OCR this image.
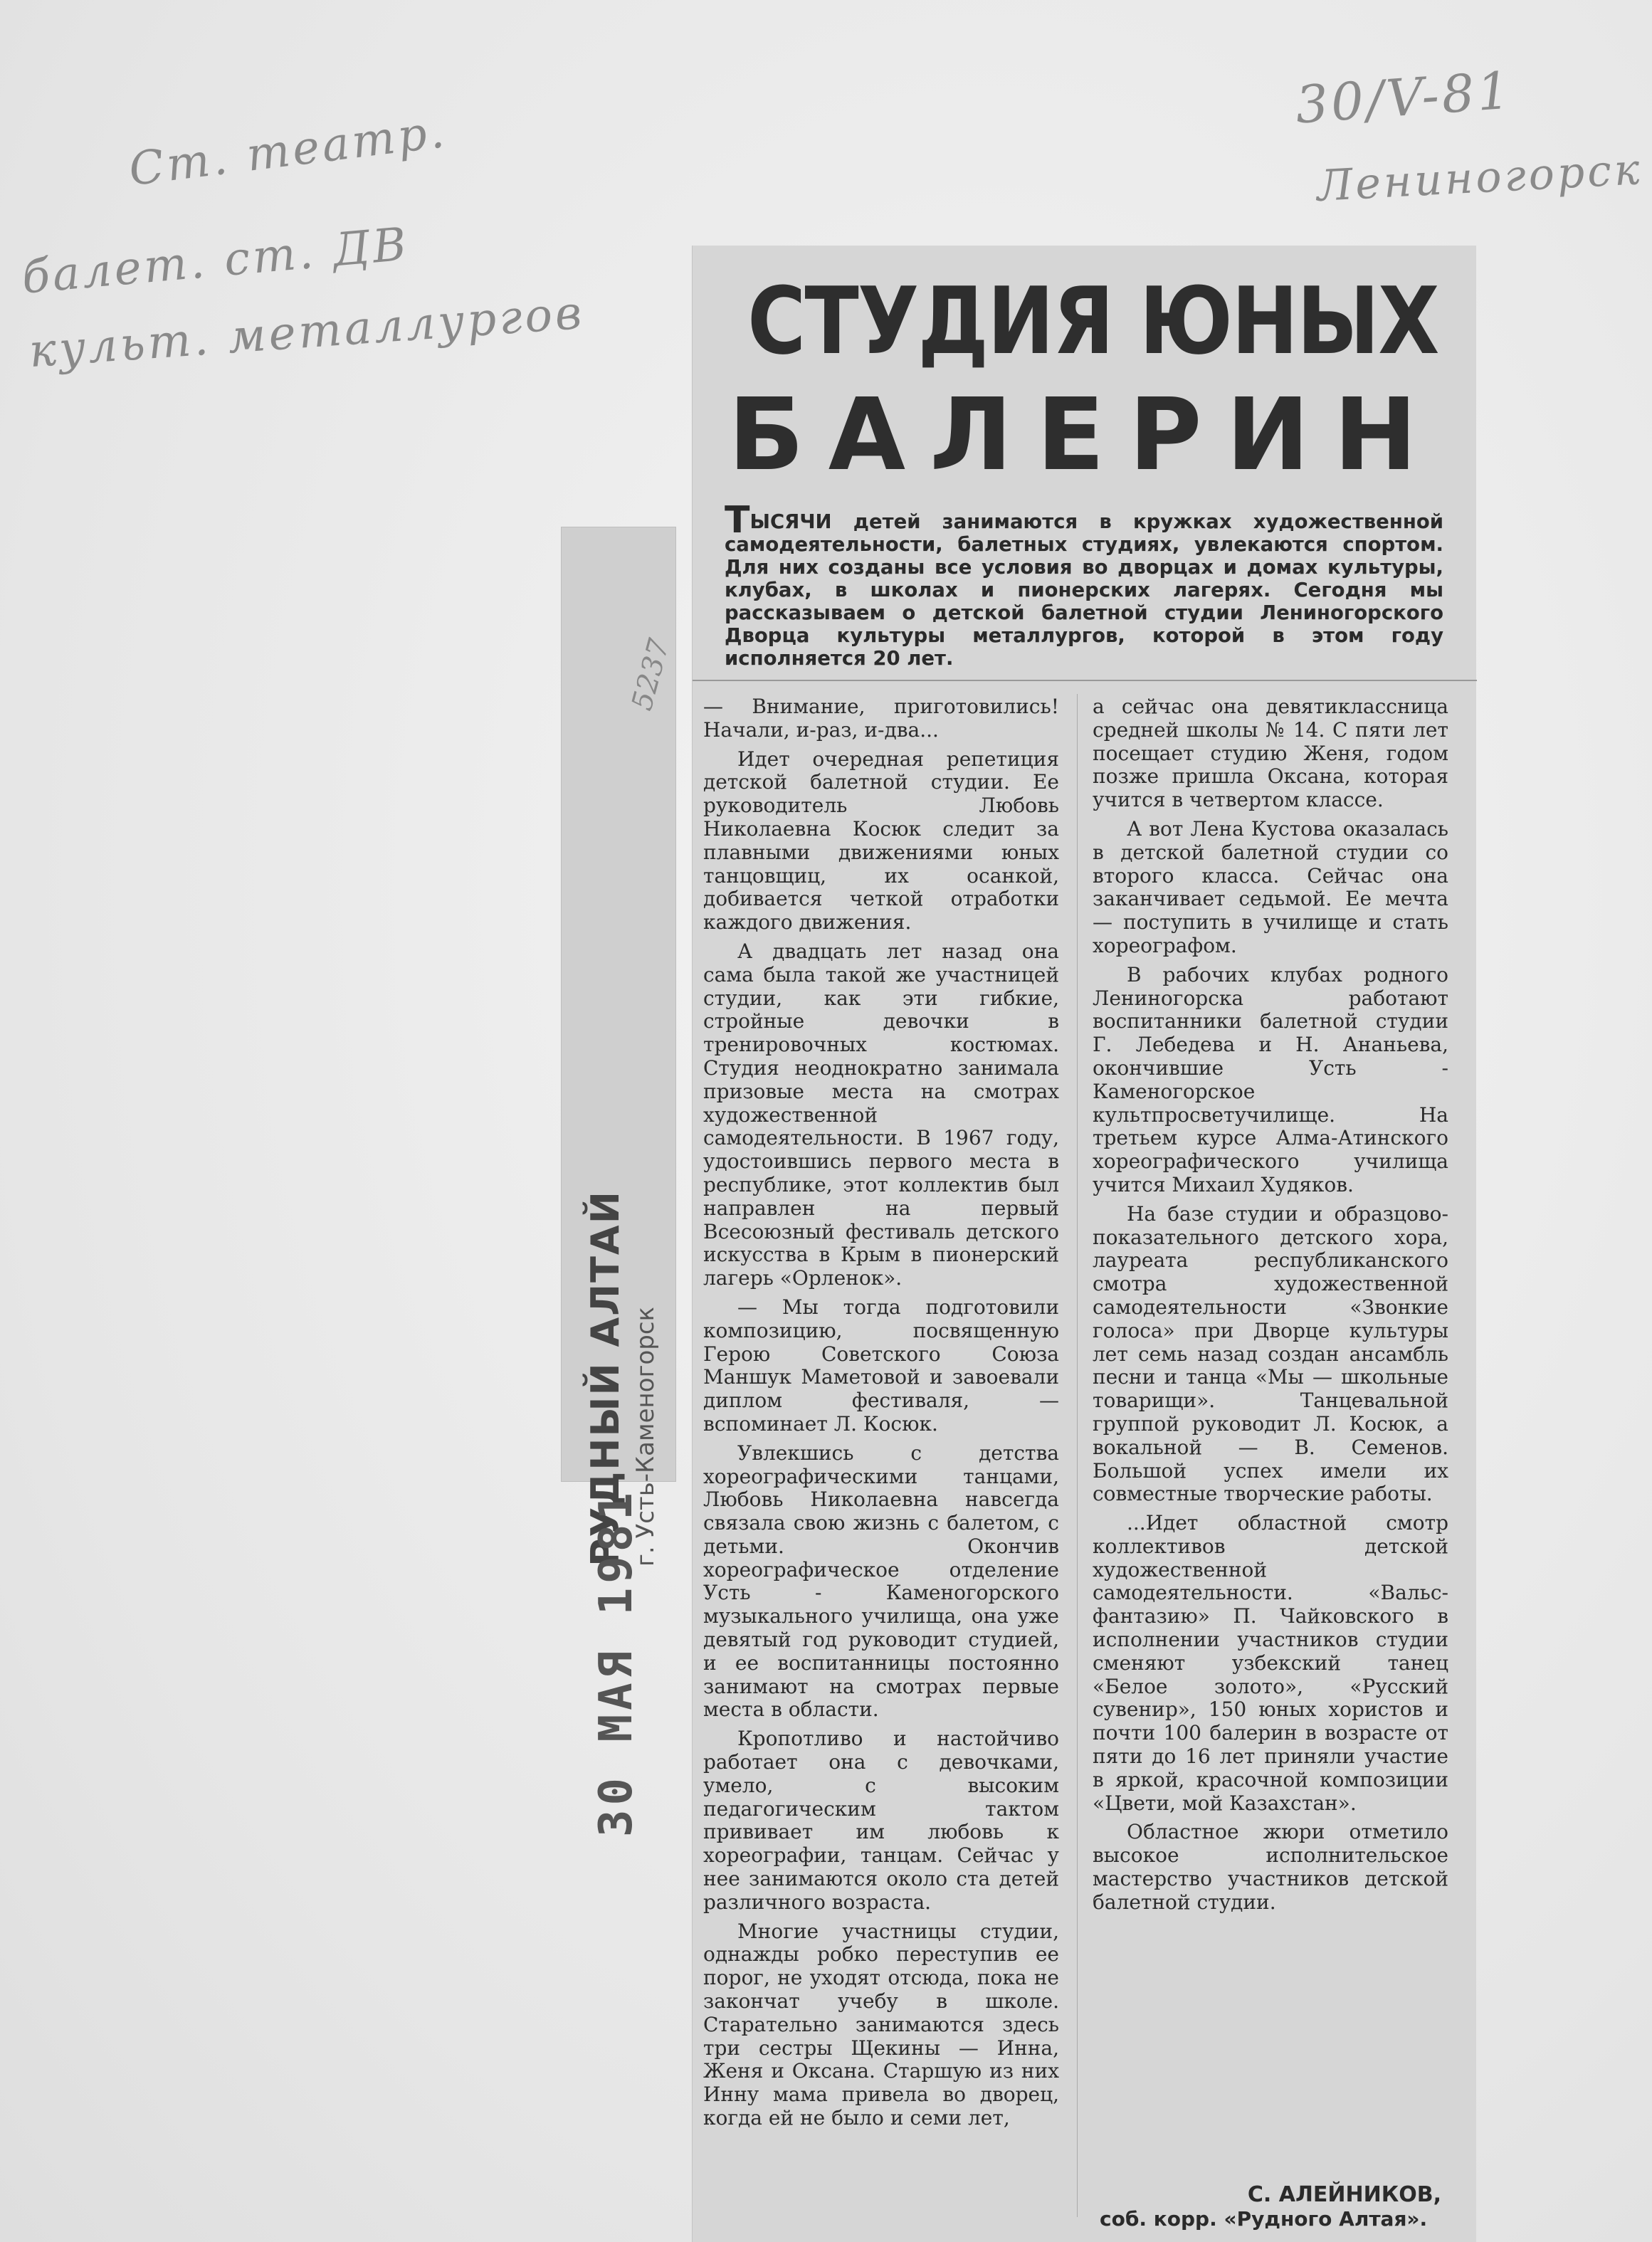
Ст. театр.
балет. ст. ДВ
культ. металлургов
30/V-81
Лениногорск
5237
РУДНЫЙ АЛТАЙ г. Усть-Каменогорск
30 МАЯ 1981
СТУДИЯ ЮНЫХ
БАЛЕРИН
ТЫСЯЧИ детей занимаются в кружках художественной самодеятельности, балетных студиях, увлекаются спортом. Для них созданы все условия во дворцах и домах культуры, клубах, в школах и пионерских лагерях. Сегодня мы рассказываем о детской балетной студии Лениногорского Дворца культуры металлургов, которой в этом году исполняется 20 лет.

— Внимание, приготовились! Начали, и-раз, и-два...

Идет очередная репетиция детской балетной студии. Ее руководитель Любовь Николаевна Косюк следит за плавными движениями юных танцовщиц, их осанкой, добивается четкой отработки каждого движения.

А двадцать лет назад она сама была такой же участницей студии, как эти гибкие, стройные девочки в тренировочных костюмах. Студия неоднократно занимала призовые места на смотрах художественной самодеятельности. В 1967 году, удостоившись первого места в республике, этот коллектив был направлен на первый Всесоюзный фестиваль детского искусства в Крым в пионерский лагерь «Орленок».

— Мы тогда подготовили композицию, посвященную Герою Советского Союза Маншук Маметовой и завоевали диплом фестиваля, — вспоминает Л. Косюк.

Увлекшись с детства хореографическими танцами, Любовь Николаевна навсегда связала свою жизнь с балетом, с детьми. Окончив хореографическое отделение Усть - Каменогорского музыкального училища, она уже девятый год руководит студией, и ее воспитанницы постоянно занимают на смотрах первые места в области.

Кропотливо и настойчиво работает она с девочками, умело, с высоким педагогическим тактом прививает им любовь к хореографии, танцам. Сейчас у нее занимаются около ста детей различного возраста.

Многие участницы студии, однажды робко переступив ее порог, не уходят отсюда, пока не закончат учебу в школе. Старательно занимаются здесь три сестры Щекины — Инна, Женя и Оксана. Старшую из них Инну мама привела во дворец, когда ей не было и семи лет,

а сейчас она девятиклассница средней школы № 14. С пяти лет посещает студию Женя, годом позже пришла Оксана, которая учится в четвертом классе.

А вот Лена Кустова оказалась в детской балетной студии со второго класса. Сейчас она заканчивает седьмой. Ее мечта — поступить в училище и стать хореографом.

В рабочих клубах родного Лениногорска работают воспитанники балетной студии Г. Лебедева и Н. Ананьева, окончившие Усть - Каменогорское культпросветучилище. На третьем курсе Алма-Атинского хореографического училища учится Михаил Худяков.

На базе студии и образцово-показательного детского хора, лауреата республиканского смотра художественной самодеятельности «Звонкие голоса» при Дворце культуры лет семь назад создан ансамбль песни и танца «Мы — школьные товарищи». Танцевальной группой руководит Л. Косюк, а вокальной — В. Семенов. Большой успех имели их совместные творческие работы.

...Идет областной смотр коллективов детской художественной самодеятельности. «Вальс-фантазию» П. Чайковского в исполнении участников студии сменяют узбекский танец «Белое золото», «Русский сувенир», 150 юных хористов и почти 100 балерин в возрасте от пяти до 16 лет приняли участие в яркой, красочной композиции «Цвети, мой Казахстан».

Областное жюри отметило высокое исполнительское мастерство участников детской балетной студии.

С. АЛЕЙНИКОВ,
соб. корр. «Рудного Алтая».
